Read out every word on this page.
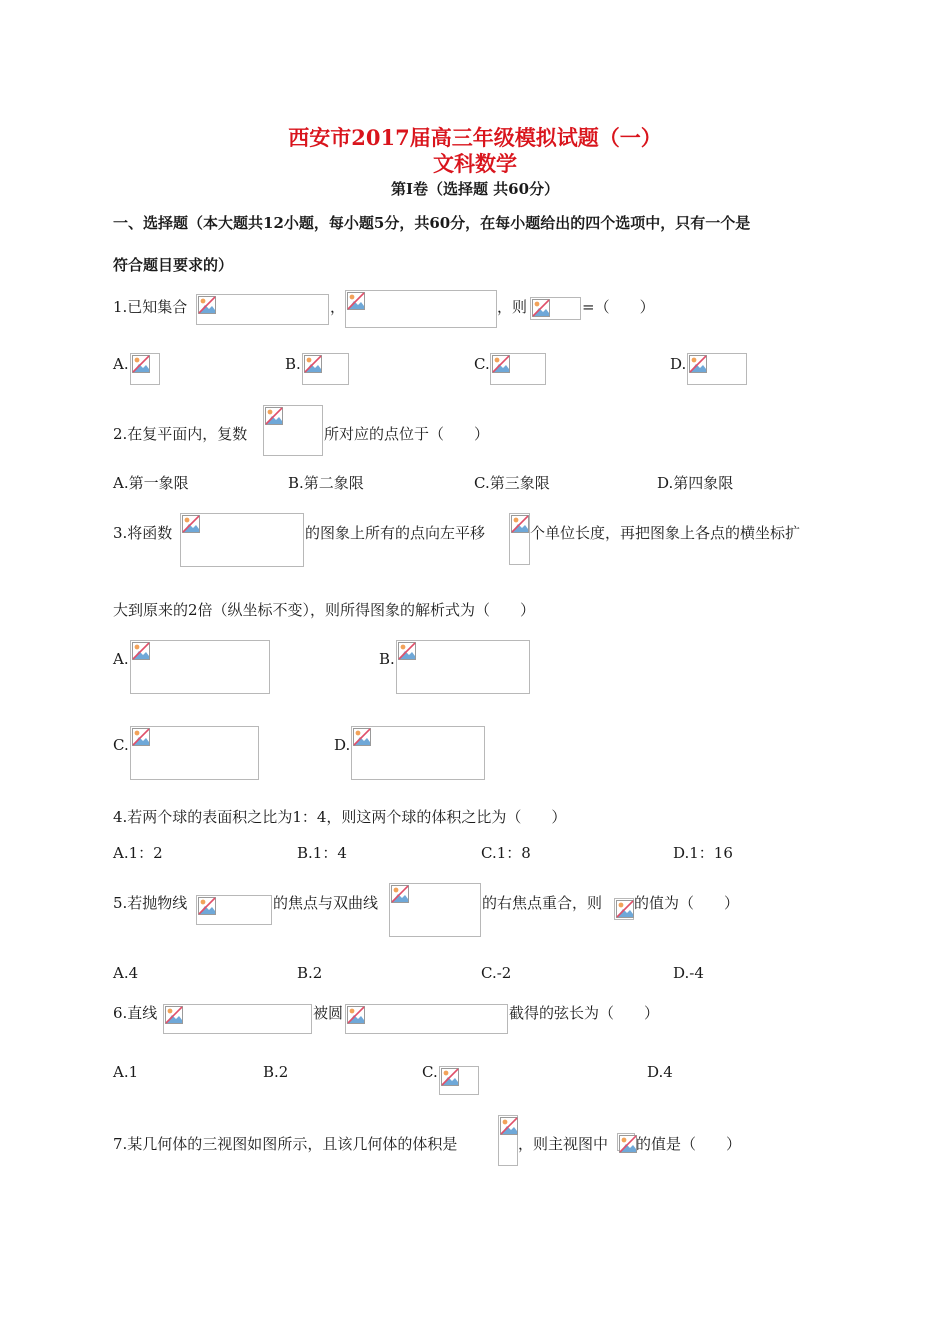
西安市2017届高三年级模拟试题（一）
文科数学
第Ⅰ卷（选择题 共60分）
一、选择题（本大题共12小题，每小题5分，共60分，在每小题给出的四个选项中，只有一个是
符合题目要求的）
1.已知集合	，	，则	=（　　）
A.	B.	C.	D.
2.在复平面内，复数	所对应的点位于（　　）
A.第一象限	B.第二象限	C.第三象限	D.第四象限
3.将函数	的图象上所有的点向左平移	个单位长度，再把图象上各点的横坐标扩
大到原来的2倍（纵坐标不变），则所得图象的解析式为（　　）
A.	B.
C.	D.
4.若两个球的表面积之比为1：4，则这两个球的体积之比为（　　）
A.1：2	B.1：4	C.1：8	D.1：16
5.若抛物线	的焦点与双曲线	的右焦点重合，则 的值为（　　）
A.4	B.2	C.-2	D.-4
6.直线	被圆	截得的弦长为（　　）
A.1	B.2	C.	D.4
7.某几何体的三视图如图所示，且该几何体的体积是	，则主视图中 的值是（　　）
